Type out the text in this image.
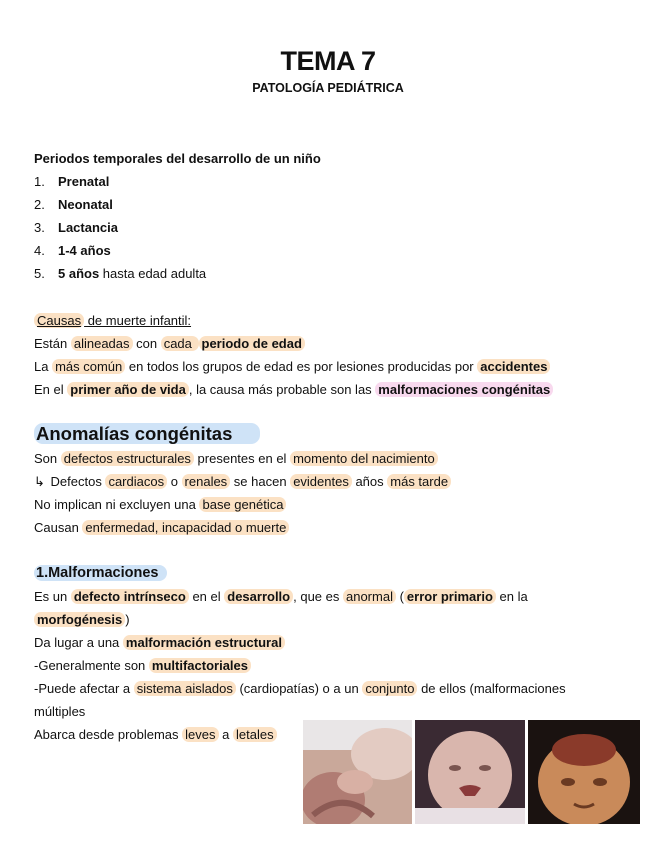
TEMA 7
PATOLOGÍA PEDIÁTRICA
Periodos temporales del desarrollo de un niño
1. Prenatal
2. Neonatal
3. Lactancia
4. 1-4 años
5. 5 años hasta edad adulta
Causas de muerte infantil:
Están alineadas con cada periodo de edad
La más común en todos los grupos de edad es por lesiones producidas por accidentes
En el primer año de vida , la causa más probable son las malformaciones congénitas
Anomalías congénitas
Son defectos estructurales presentes en el momento del nacimiento
↳ Defectos cardiacos o renales se hacen evidentes años más tarde
No implican ni excluyen una base genética
Causan enfermedad, incapacidad o muerte
1.Malformaciones
Es un defecto intrínseco en el desarrollo , que es anormal ( error primario en la
morfogénesis )
Da lugar a una malformación estructural
-Generalmente son multifactoriales
-Puede afectar a sistema aislados (cardiopatías) o a un conjunto de ellos (malformaciones
múltiples
Abarca desde problemas leves a letales
